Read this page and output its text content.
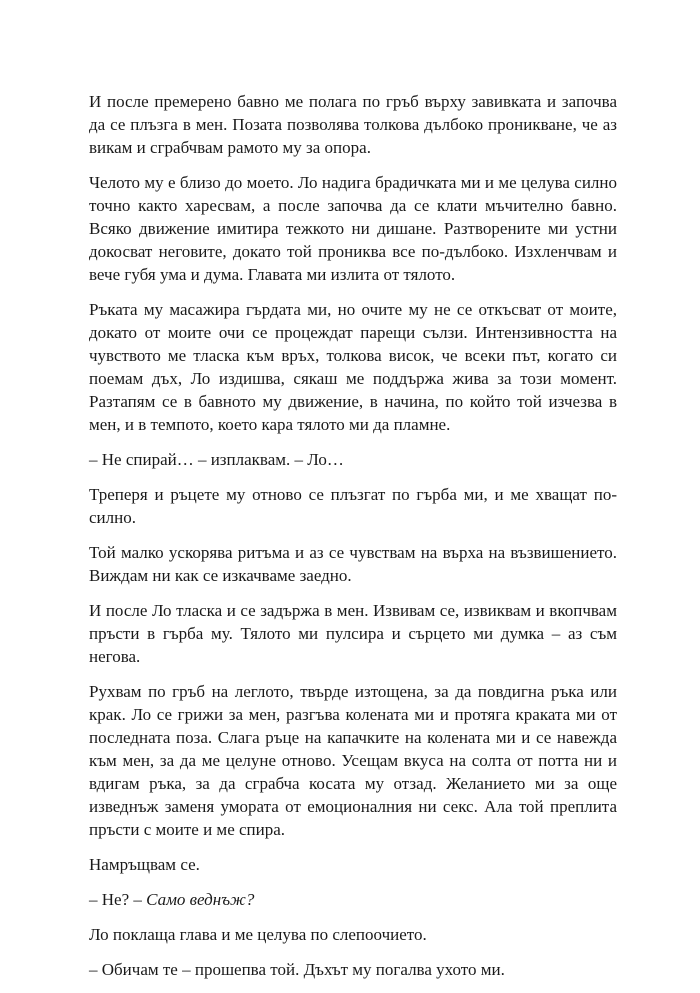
И после премерено бавно ме полага по гръб върху завивката и започва да се плъзга в мен. Позата позволява толкова дълбоко проникване, че аз викам и сграбчвам рамото му за опора.

Челото му е близо до моето. Ло надига брадичката ми и ме целува силно точно както харесвам, а после започва да се клати мъчително бавно. Всяко движение имитира тежкото ни дишане. Разтворените ми устни докосват неговите, докато той прониква все по-дълбоко. Изхленчвам и вече губя ума и дума. Главата ми излита от тялото.

Ръката му масажира гърдата ми, но очите му не се откъсват от моите, докато от моите очи се процеждат парещи сълзи. Интензивността на чувството ме тласка към връх, толкова висок, че всеки път, когато си поемам дъх, Ло издишва, сякаш ме поддържа жива за този момент. Разтапям се в бавното му движение, в начина, по който той изчезва в мен, и в темпото, което кара тялото ми да пламне.

– Не спирай… – изплаквам. – Ло…

Треперя и ръцете му отново се плъзгат по гърба ми, и ме хващат по-силно.

Той малко ускорява ритъма и аз се чувствам на върха на възвишението. Виждам ни как се изкачваме заедно.

И после Ло тласка и се задържа в мен. Извивам се, извиквам и вкопчвам пръсти в гърба му. Тялото ми пулсира и сърцето ми думка – аз съм негова.

Рухвам по гръб на леглото, твърде изтощена, за да повдигна ръка или крак. Ло се грижи за мен, разгъва колената ми и протяга краката ми от последната поза. Слага ръце на капачките на колената ми и се навежда към мен, за да ме целуне отново. Усещам вкуса на солта от потта ни и вдигам ръка, за да сграбча косата му отзад. Желанието ми за още изведнъж заменя умората от емоционалния ни секс. Ала той преплита пръсти с моите и ме спира.

Намръщвам се.

– Не? – Само веднъж?

Ло поклаща глава и ме целува по слепоочието.

– Обичам те – прошепва той. Дъхът му погалва ухото ми.
